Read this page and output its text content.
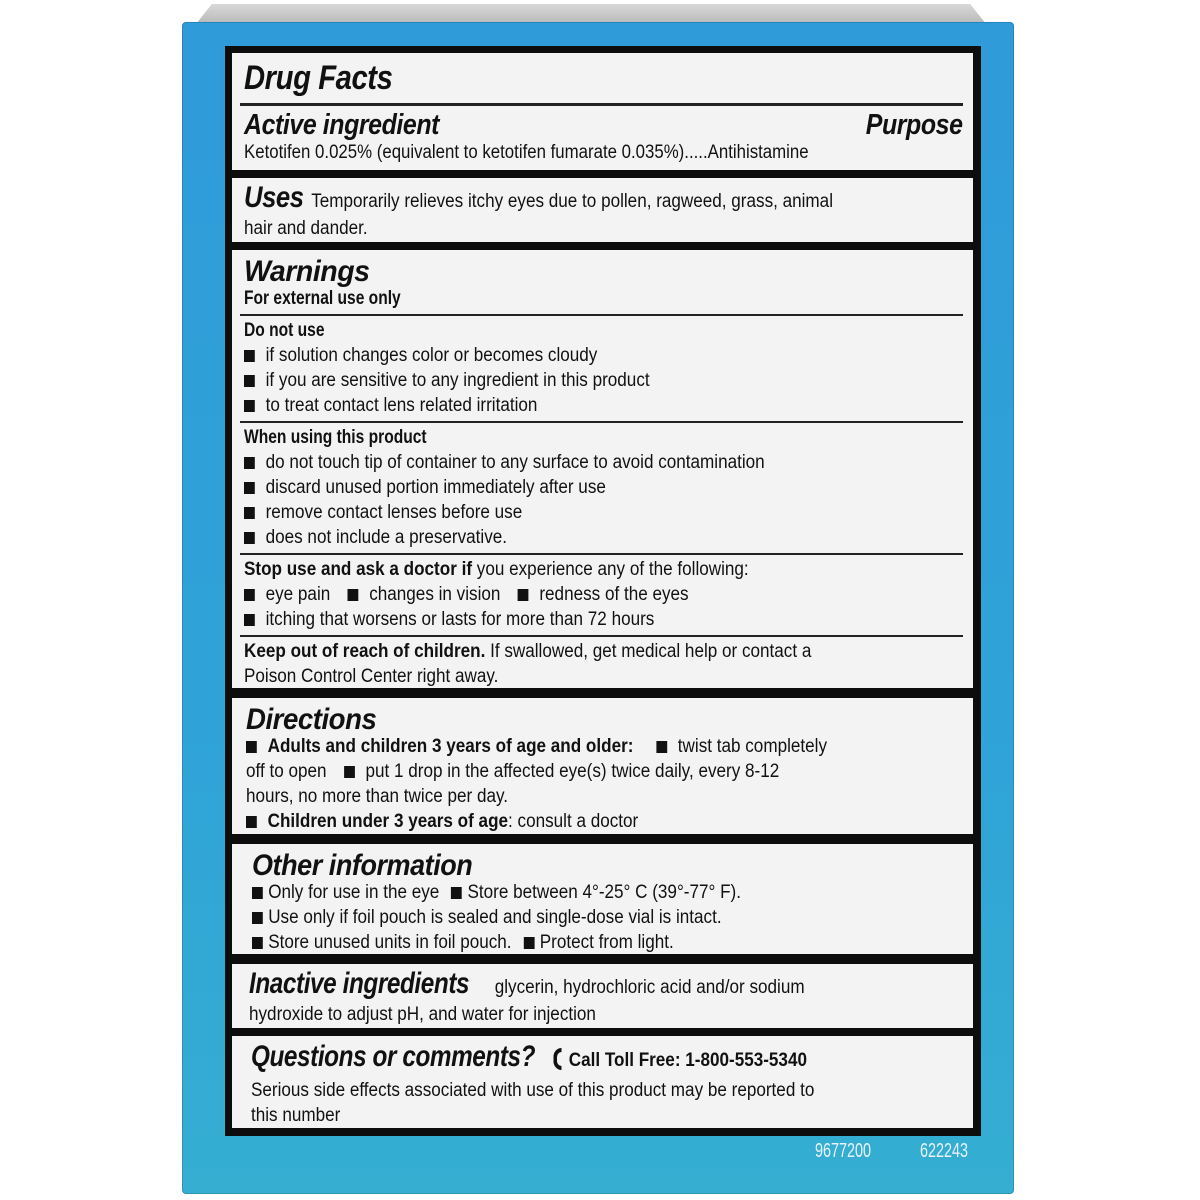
Drug Facts
Active ingredient	Purpose
Ketotifen 0.025% (equivalent to ketotifen fumarate 0.035%).....Antihistamine
Uses Temporarily relieves itchy eyes due to pollen, ragweed, grass, animal
hair and dander.
Warnings
For external use only
Do not use
if solution changes color or becomes cloudy
if you are sensitive to any ingredient in this product
to treat contact lens related irritation
When using this product
do not touch tip of container to any surface to avoid contamination
discard unused portion immediately after use
remove contact lenses before use
does not include a preservative.
Stop use and ask a doctor if you experience any of the following:
eye pain changes in vision redness of the eyes
itching that worsens or lasts for more than 72 hours
Keep out of reach of children. If swallowed, get medical help or contact a
Poison Control Center right away.
Directions
Adults and children 3 years of age and older: twist tab completely
off to open put 1 drop in the affected eye(s) twice daily, every 8-12
hours, no more than twice per day.
Children under 3 years of age: consult a doctor
Other information
Only for use in the eye Store between 4°-25° C (39°-77° F).
Use only if foil pouch is sealed and single-dose vial is intact.
Store unused units in foil pouch. Protect from light.
Inactive ingredients glycerin, hydrochloric acid and/or sodium
hydroxide to adjust pH, and water for injection
Questions or comments? Call Toll Free: 1-800-553-5340
Serious side effects associated with use of this product may be reported to
this number
9677200 622243
